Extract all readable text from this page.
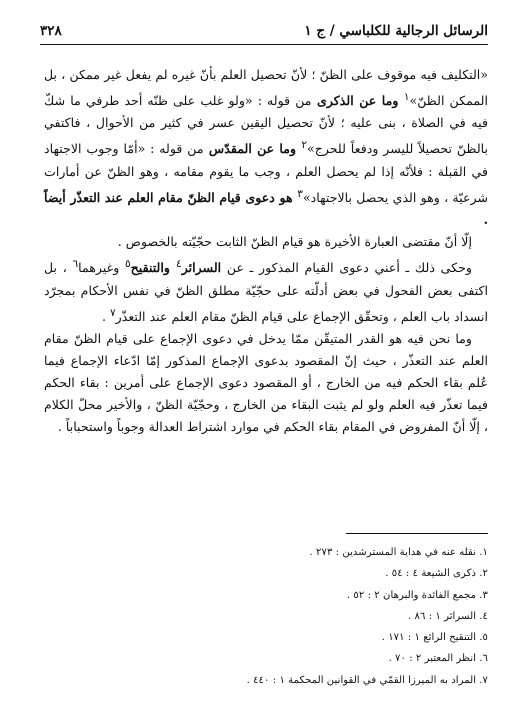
٣٢٨	الرسائل الرجالية للكلباسي / ج ١

«التكليف فيه موقوف على الظنّ ؛ لأنّ تحصيل العلم بأنّ غيره لم يفعل غير ممكن ، بل الممكن الظنّ»$^١$ وما عن الذكرى من قوله : «ولو غلب على ظنّه أحد طرفي ما شكّ فيه في الصلاة ، بنى عليه ؛ لأنّ تحصيل اليقين عسر في كثير من الأحوال ، فاكتفي بالظنّ تحصيلاً لليسر ودفعاً للحرج»$^٢$ وما عن المقدّس من قوله : «أمّا وجوب الاجتهاد في القبلة : فلأنّه إذا لم يحصل العلم ، وجب ما يقوم مقامه ، وهو الظنّ عن أمارات شرعيّة ، وهو الذي يحصل بالاجتهاد»$^٣$ هو دعوى قيام الظنّ مقام العلم عند التعذّر أيضاً .

إلّا أنّ مقتضى العبارة الأخيرة هو قيام الظنّ الثابت حجّيّته بالخصوص .

وحكى ذلك ـ أعني دعوى القيام المذكور ـ عن السرائر$^٤$ والتنقيح$^٥$ وغيرهما$^٦$ ، بل اكتفى بعض الفحول في بعض أدلّته على حجّيّة مطلق الظنّ في نفس الأحكام بمجرّد انسداد باب العلم ، وتحقّق الإجماع على قيام الظنّ مقام العلم عند التعذّر$^٧$ .

وما نحن فيه هو القدر المتيقّن ممّا يدخل في دعوى الإجماع على قيام الظنّ مقام العلم عند التعذّر ، حيث إنّ المقصود بدعوى الإجماع المذكور إمّا ادّعاء الإجماع فيما عُلم بقاء الحكم فيه من الخارج ، أو المقصود دعوى الإجماع على أمرين : بقاء الحكم فيما تعذّر فيه العلم ولو لم يثبت البقاء من الخارج ، وحجّيّة الظنّ ، والأخير محلّ الكلام ، إلّا أنّ المفروض في المقام بقاء الحكم في موارد اشتراط العدالة وجوباً واستحباباً .

١. نقله عنه في هداية المسترشدين : ٢٧٣ .
٢. ذكرى الشيعة ٤ : ٥٤ .
٣. مجمع الفائدة والبرهان ٢ : ٥٢ .
٤. السرائر ١ : ٨٦ .
٥. التنقيح الرائع ١ : ١٧١ .
٦. انظر المعتبر ٢ : ٧٠ .
٧. المراد به الميرزا القمّي في القوانين المحكمة ١ : ٤٤٠ .
